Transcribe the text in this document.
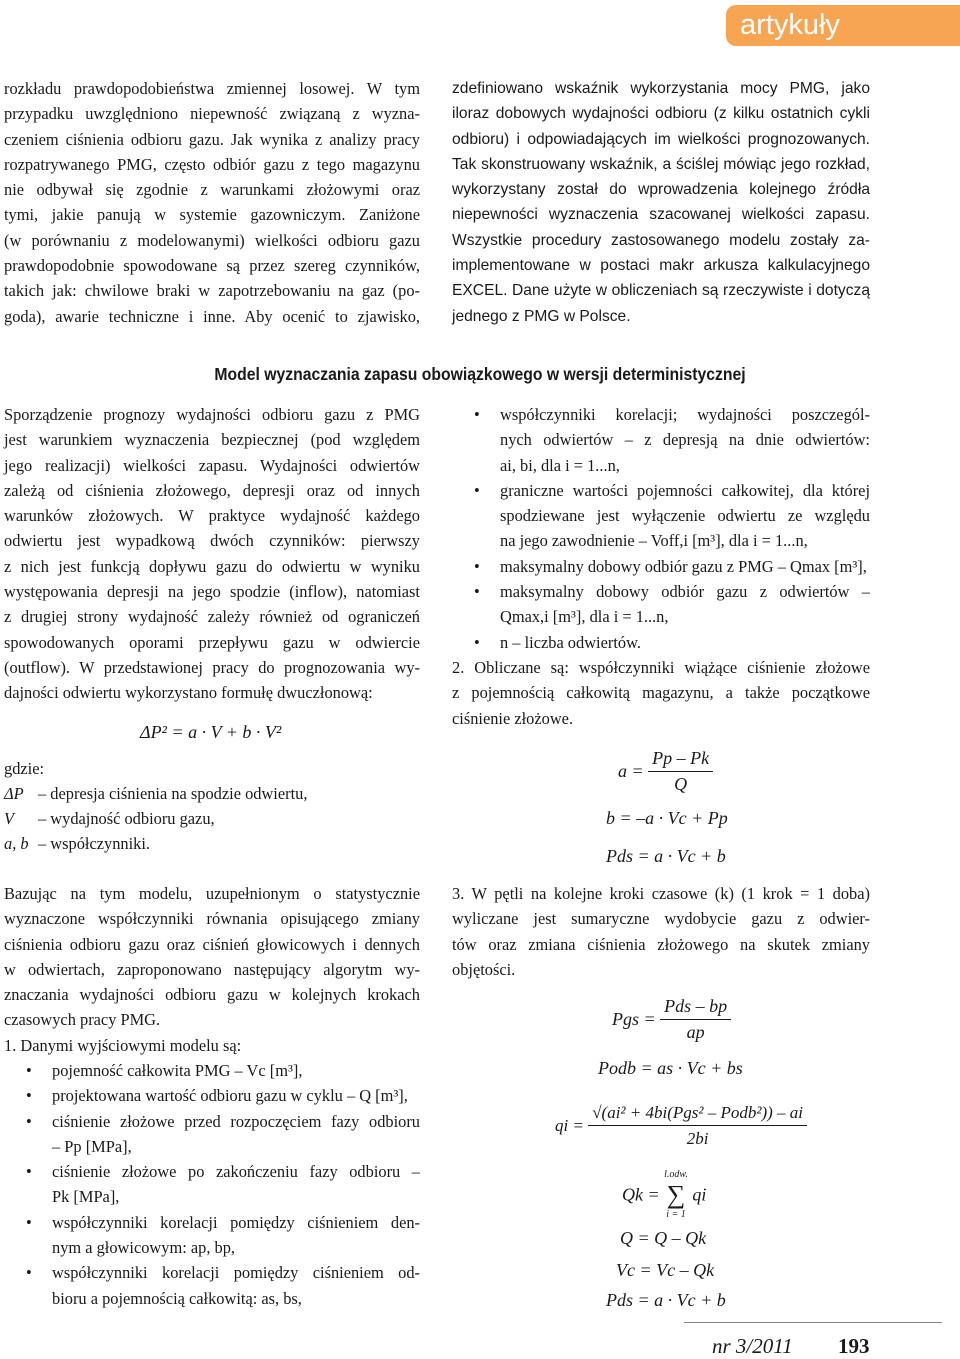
artykuły
rozkładu prawdopodobieństwa zmiennej losowej. W tym
przypadku uwzględniono niepewność związaną z wyzna-
czeniem ciśnienia odbioru gazu. Jak wynika z analizy pracy
rozpatrywanego PMG, często odbiór gazu z tego magazynu
nie odbywał się zgodnie z warunkami złożowymi oraz
tymi, jakie panują w systemie gazowniczym. Zaniżone
(w porównaniu z modelowanymi) wielkości odbioru gazu
prawdopodobnie spowodowane są przez szereg czynników,
takich jak: chwilowe braki w zapotrzebowaniu na gaz (po-
goda), awarie techniczne i inne. Aby ocenić to zjawisko,
zdefiniowano wskaźnik wykorzystania mocy PMG, jako
iloraz dobowych wydajności odbioru (z kilku ostatnich cykli
odbioru) i odpowiadających im wielkości prognozowanych.
Tak skonstruowany wskaźnik, a ściślej mówiąc jego rozkład,
wykorzystany został do wprowadzenia kolejnego źródła
niepewności wyznaczenia szacowanej wielkości zapasu.
Wszystkie procedury zastosowanego modelu zostały za-
implementowane w postaci makr arkusza kalkulacyjnego
EXCEL. Dane użyte w obliczeniach są rzeczywiste i dotyczą
jednego z PMG w Polsce.
Model wyznaczania zapasu obowiązkowego w wersji deterministycznej
Sporządzenie prognozy wydajności odbioru gazu z PMG
jest warunkiem wyznaczenia bezpiecznej (pod względem
jego realizacji) wielkości zapasu. Wydajności odwiertów
zależą od ciśnienia złożowego, depresji oraz od innych
warunków złożowych. W praktyce wydajność każdego
odwiertu jest wypadkową dwóch czynników: pierwszy
z nich jest funkcją dopływu gazu do odwiertu w wyniku
występowania depresji na jego spodzie (inflow), natomiast
z drugiej strony wydajność zależy również od ograniczeń
spowodowanych oporami przepływu gazu w odwiercie
(outflow). W przedstawionej pracy do prognozowania wy-
dajności odwiertu wykorzystano formułę dwuczłonową:
ΔP² = a · V + b · V²
gdzie:
ΔP – depresja ciśnienia na spodzie odwiertu,
V – wydajność odbioru gazu,
a, b – współczynniki.
Bazując na tym modelu, uzupełnionym o statystycznie
wyznaczone współczynniki równania opisującego zmiany
ciśnienia odbioru gazu oraz ciśnień głowicowych i dennych
w odwiertach, zaproponowano następujący algorytm wy-
znaczania wydajności odbioru gazu w kolejnych krokach
czasowych pracy PMG.
1. Danymi wyjściowymi modelu są:
• pojemność całkowita PMG – Vc [m³],
• projektowana wartość odbioru gazu w cyklu – Q [m³],
• ciśnienie złożowe przed rozpoczęciem fazy odbioru
– Pp [MPa],
• ciśnienie złożowe po zakończeniu fazy odbioru –
Pk [MPa],
• współczynniki korelacji pomiędzy ciśnieniem den-
nym a głowicowym: ap, bp,
• współczynniki korelacji pomiędzy ciśnieniem od-
bioru a pojemnością całkowitą: as, bs,
• współczynniki korelacji; wydajności poszczegól-
nych odwiertów – z depresją na dnie odwiertów:
ai, bi, dla i = 1...n,
• graniczne wartości pojemności całkowitej, dla której
spodziewane jest wyłączenie odwiertu ze względu
na jego zawodnienie – Voff,i [m³], dla i = 1...n,
• maksymalny dobowy odbiór gazu z PMG – Qmax [m³],
• maksymalny dobowy odbiór gazu z odwiertów –
Qmax,i [m³], dla i = 1...n,
• n – liczba odwiertów.
2. Obliczane są: współczynniki wiążące ciśnienie złożowe
z pojemnością całkowitą magazynu, a także początkowe
ciśnienie złożowe.
$a = \frac{Pp - Pk}{Q}$
b = –a · Vc + Pp
Pds = a · Vc + b
3. W pętli na kolejne kroki czasowe (k) (1 krok = 1 doba)
wyliczane jest sumaryczne wydobycie gazu z odwier-
tów oraz zmiana ciśnienia złożowego na skutek zmiany
objętości.
Pgs = $\frac{\text{Pds – bp}}{ap}$
Podb = as · Vc + bs
qi = $\frac{\text{√(ai² + 4bi(Pgs² – Podb²)) – ai}}{2bi}$
Qk =
l.odw.
∑
i = 1
qi
Q = Q – Qk
Vc = Vc – Qk
Pds = a · Vc + b
nr 3/2011 193
